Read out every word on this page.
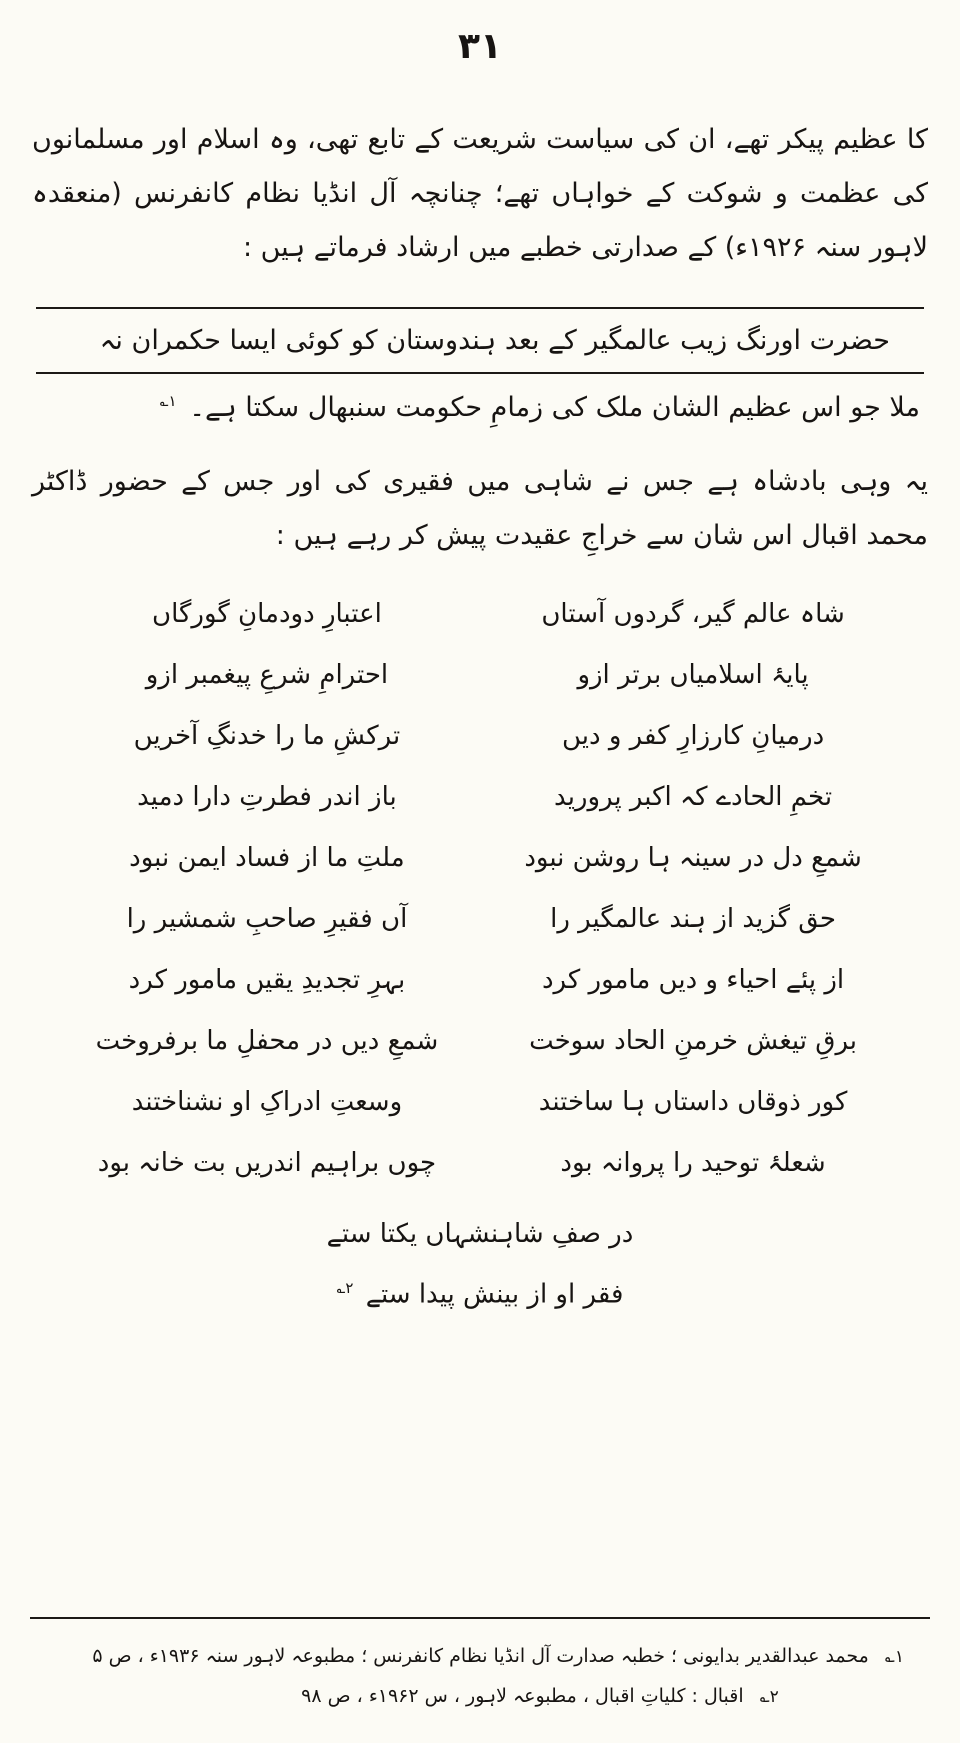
۳۱

کا عظیم پیکر تھے، ان کی سیاست شریعت کے تابع تھی، وہ اسلام اور مسلمانوں کی عظمت و شوکت کے خواہاں تھے؛ چنانچہ آل انڈیا نظام کانفرنس (منعقدہ لاہور سنہ ۱۹۲۶ء) کے صدارتی خطبے میں ارشاد فرماتے ہیں :

حضرت اورنگ زیب عالمگیر کے بعد ہندوستان کو کوئی ایسا حکمران نہ
ملا جو اس عظیم الشان ملک کی زمامِ حکومت سنبھال سکتا ہے۔ $^{۱؎}$

یہ وہی بادشاہ ہے جس نے شاہی میں فقیری کی اور جس کے حضور ڈاکٹر محمد اقبال اس شان سے خراجِ عقیدت پیش کر رہے ہیں :

شاہ عالم گیر، گردوں آستاں
اعتبارِ دودمانِ گورگاں
پایۂ اسلامیاں برتر ازو
احترامِ شرعِ پیغمبر ازو
درمیانِ کارزارِ کفر و دیں
ترکشِ ما را خدنگِ آخریں
تخمِ الحادے کہ اکبر پرورید
باز اندر فطرتِ دارا دمید
شمعِ دل در سینہ ہا روشن نبود
ملتِ ما از فساد ایمن نبود
حق گزید از ہند عالمگیر را
آں فقیرِ صاحبِ شمشیر را
از پئے احیاء و دیں مامور کرد
بہرِ تجدیدِ یقیں مامور کرد
برقِ تیغش خرمنِ الحاد سوخت
شمعِ دیں در محفلِ ما برفروخت
کور ذوقاں داستاں ہا ساختند
وسعتِ ادراکِ او نشناختند
شعلۂ توحید را پروانہ بود
چوں براہیم اندریں بت خانہ بود
در صفِ شاہنشہاں یکتا ستے
فقر او از بینش پیدا ستے $^{۲؎}$
۱؎ محمد عبدالقدیر بدایونی ؛ خطبہ صدارت آل انڈیا نظام کانفرنس ؛ مطبوعہ لاہور سنہ ۱۹۳۶ء ، ص ۵
۲؎ اقبال : کلیاتِ اقبال ، مطبوعہ لاہور ، س ۱۹۶۲ء ، ص ۹۸
